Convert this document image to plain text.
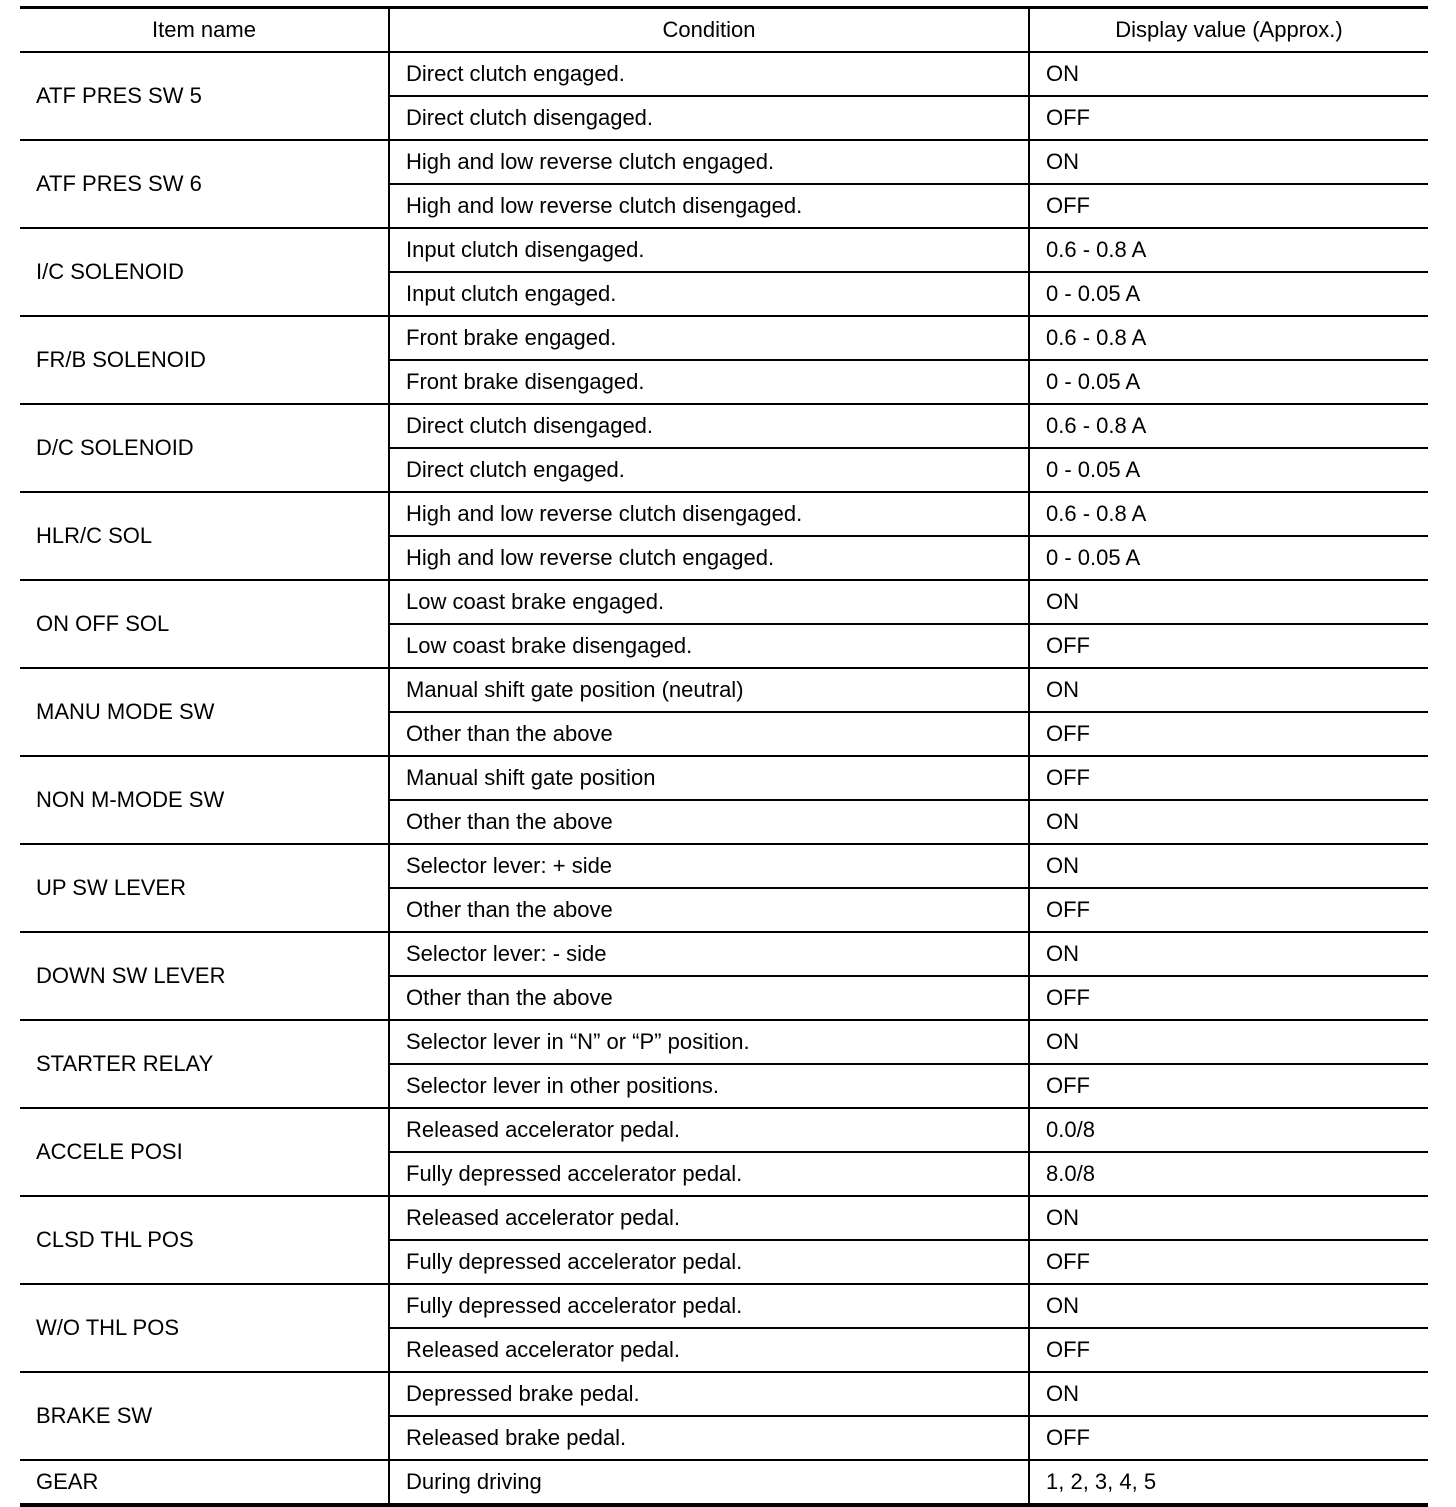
Item name	Condition	Display value (Approx.)
ATF PRES SW 5	Direct clutch engaged.	ON
	Direct clutch disengaged.	OFF
ATF PRES SW 6	High and low reverse clutch engaged.	ON
	High and low reverse clutch disengaged.	OFF
I/C SOLENOID	Input clutch disengaged.	0.6 - 0.8 A
	Input clutch engaged.	0 - 0.05 A
FR/B SOLENOID	Front brake engaged.	0.6 - 0.8 A
	Front brake disengaged.	0 - 0.05 A
D/C SOLENOID	Direct clutch disengaged.	0.6 - 0.8 A
	Direct clutch engaged.	0 - 0.05 A
HLR/C SOL	High and low reverse clutch disengaged.	0.6 - 0.8 A
	High and low reverse clutch engaged.	0 - 0.05 A
ON OFF SOL	Low coast brake engaged.	ON
	Low coast brake disengaged.	OFF
MANU MODE SW	Manual shift gate position (neutral)	ON
	Other than the above	OFF
NON M-MODE SW	Manual shift gate position	OFF
	Other than the above	ON
UP SW LEVER	Selector lever: + side	ON
	Other than the above	OFF
DOWN SW LEVER	Selector lever: - side	ON
	Other than the above	OFF
STARTER RELAY	Selector lever in “N” or “P” position.	ON
	Selector lever in other positions.	OFF
ACCELE POSI	Released accelerator pedal.	0.0/8
	Fully depressed accelerator pedal.	8.0/8
CLSD THL POS	Released accelerator pedal.	ON
	Fully depressed accelerator pedal.	OFF
W/O THL POS	Fully depressed accelerator pedal.	ON
	Released accelerator pedal.	OFF
BRAKE SW	Depressed brake pedal.	ON
	Released brake pedal.	OFF
GEAR	During driving	1, 2, 3, 4, 5
